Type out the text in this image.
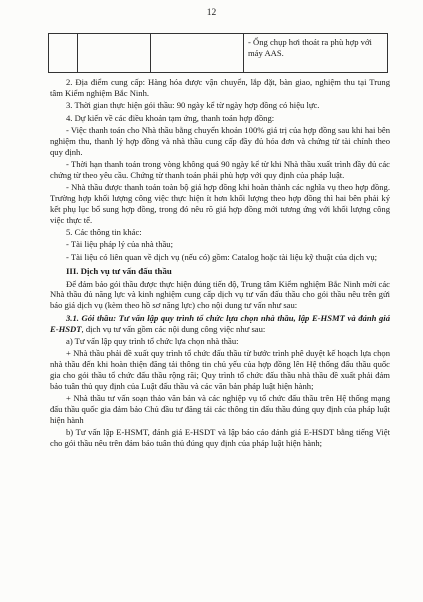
12
			- Ống chụp hơi thoát ra phù hợp với máy AAS.

2. Địa điểm cung cấp: Hàng hóa được vận chuyển, lắp đặt, bàn giao, nghiệm thu tại Trung tâm Kiểm nghiệm Bắc Ninh.

3. Thời gian thực hiện gói thầu: 90 ngày kể từ ngày hợp đồng có hiệu lực.

4. Dự kiến về các điều khoản tạm ứng, thanh toán hợp đồng:

- Việc thanh toán cho Nhà thầu bằng chuyển khoản 100% giá trị của hợp đồng sau khi hai bên nghiệm thu, thanh lý hợp đồng và nhà thầu cung cấp đầy đủ hóa đơn và chứng từ tài chính theo quy định.

- Thời hạn thanh toán trong vòng không quá 90 ngày kể từ khi Nhà thầu xuất trình đầy đủ các chứng từ theo yêu cầu. Chứng từ thanh toán phải phù hợp với quy định của pháp luật.

- Nhà thầu được thanh toán toàn bộ giá hợp đồng khi hoàn thành các nghĩa vụ theo hợp đồng. Trường hợp khối lượng công việc thực hiện ít hơn khối lượng theo hợp đồng thì hai bên phải ký kết phụ lục bổ sung hợp đồng, trong đó nêu rõ giá hợp đồng mới tương ứng với khối lượng công việc thực tế.

5. Các thông tin khác:

- Tài liệu pháp lý của nhà thầu;

- Tài liệu có liên quan về dịch vụ (nếu có) gồm: Catalog hoặc tài liệu kỹ thuật của dịch vụ;

III. Dịch vụ tư vấn đấu thầu

Để đảm bảo gói thầu được thực hiện đúng tiến độ, Trung tâm Kiểm nghiệm Bắc Ninh mời các Nhà thầu đủ năng lực và kinh nghiệm cung cấp dịch vụ tư vấn đấu thầu cho gói thầu nêu trên gửi báo giá dịch vụ (kèm theo hồ sơ năng lực) cho nội dung tư vấn như sau:

3.1. Gói thầu: Tư vấn lập quy trình tổ chức lựa chọn nhà thầu, lập E-HSMT và đánh giá E-HSDT, dịch vụ tư vấn gồm các nội dung công việc như sau:

a) Tư vấn lập quy trình tổ chức lựa chọn nhà thầu:

+ Nhà thầu phải đề xuất quy trình tổ chức đấu thầu từ bước trình phê duyệt kế hoạch lựa chọn nhà thầu đến khi hoàn thiện đăng tải thông tin chủ yếu của hợp đồng lên Hệ thống đấu thầu quốc gia cho gói thầu tổ chức đấu thầu rộng rãi; Quy trình tổ chức đấu thầu nhà thầu đề xuất phải đảm bảo tuân thủ quy định của Luật đấu thầu và các văn bản pháp luật hiện hành;

+ Nhà thầu tư vấn soạn thảo văn bản và các nghiệp vụ tổ chức đấu thầu trên Hệ thống mạng đấu thầu quốc gia đảm bảo Chủ đầu tư đăng tải các thông tin đấu thầu đúng quy định của pháp luật hiện hành

b) Tư vấn lập E-HSMT, đánh giá E-HSDT và lập báo cáo đánh giá E-HSDT bằng tiếng Việt cho gói thầu nêu trên đảm bảo tuân thủ đúng quy định của pháp luật hiện hành;
